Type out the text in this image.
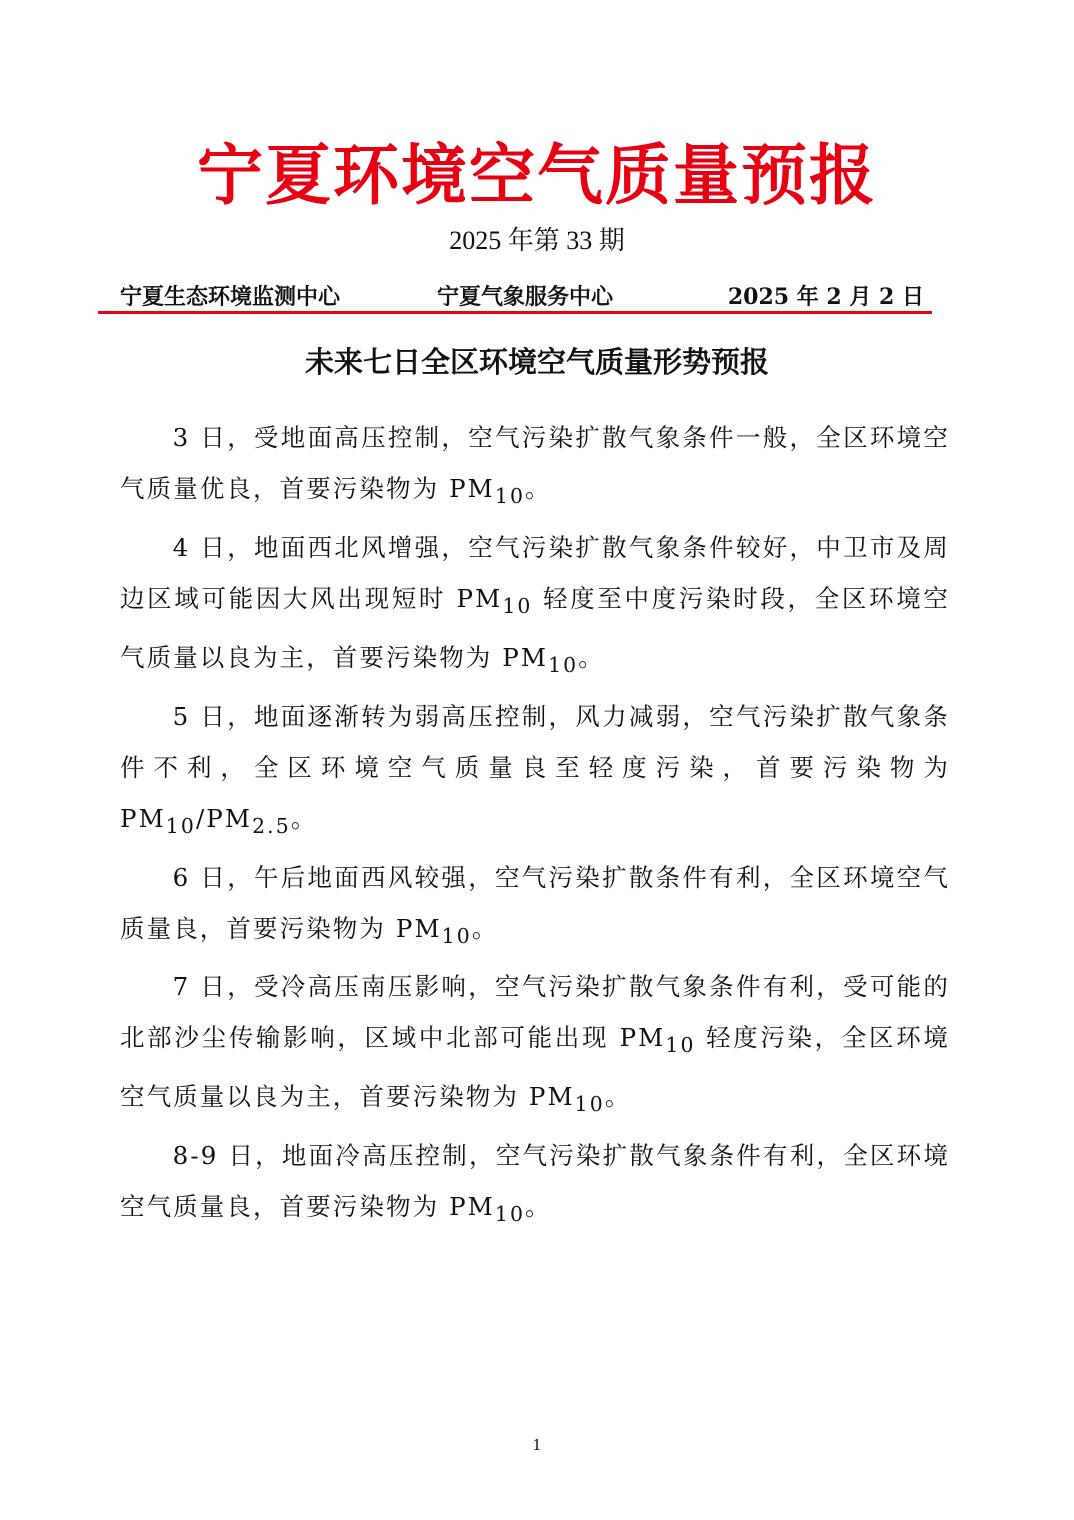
宁夏环境空气质量预报
2025 年第 33 期
宁夏生态环境监测中心	宁夏气象服务中心	2025 年 2 月 2 日
未来七日全区环境空气质量形势预报

3 日，受地面高压控制，空气污染扩散气象条件一般，全区环境空气质量优良，首要污染物为 $PM_{10}$。

4 日，地面西北风增强，空气污染扩散气象条件较好，中卫市及周边区域可能因大风出现短时 $PM_{10}$ 轻度至中度污染时段，全区环境空气质量以良为主，首要污染物为 $PM_{10}$。

5 日，地面逐渐转为弱高压控制，风力减弱，空气污染扩散气象条件不利，全区环境空气质量良至轻度污染，首要污染物为 $PM_{10}/PM_{2.5}$。

6 日，午后地面西风较强，空气污染扩散条件有利，全区环境空气质量良，首要污染物为 $PM_{10}$。

7 日，受冷高压南压影响，空气污染扩散气象条件有利，受可能的北部沙尘传输影响，区域中北部可能出现 $PM_{10}$ 轻度污染，全区环境空气质量以良为主，首要污染物为 $PM_{10}$。

8-9 日，地面冷高压控制，空气污染扩散气象条件有利，全区环境空气质量良，首要污染物为 $PM_{10}$。

1
